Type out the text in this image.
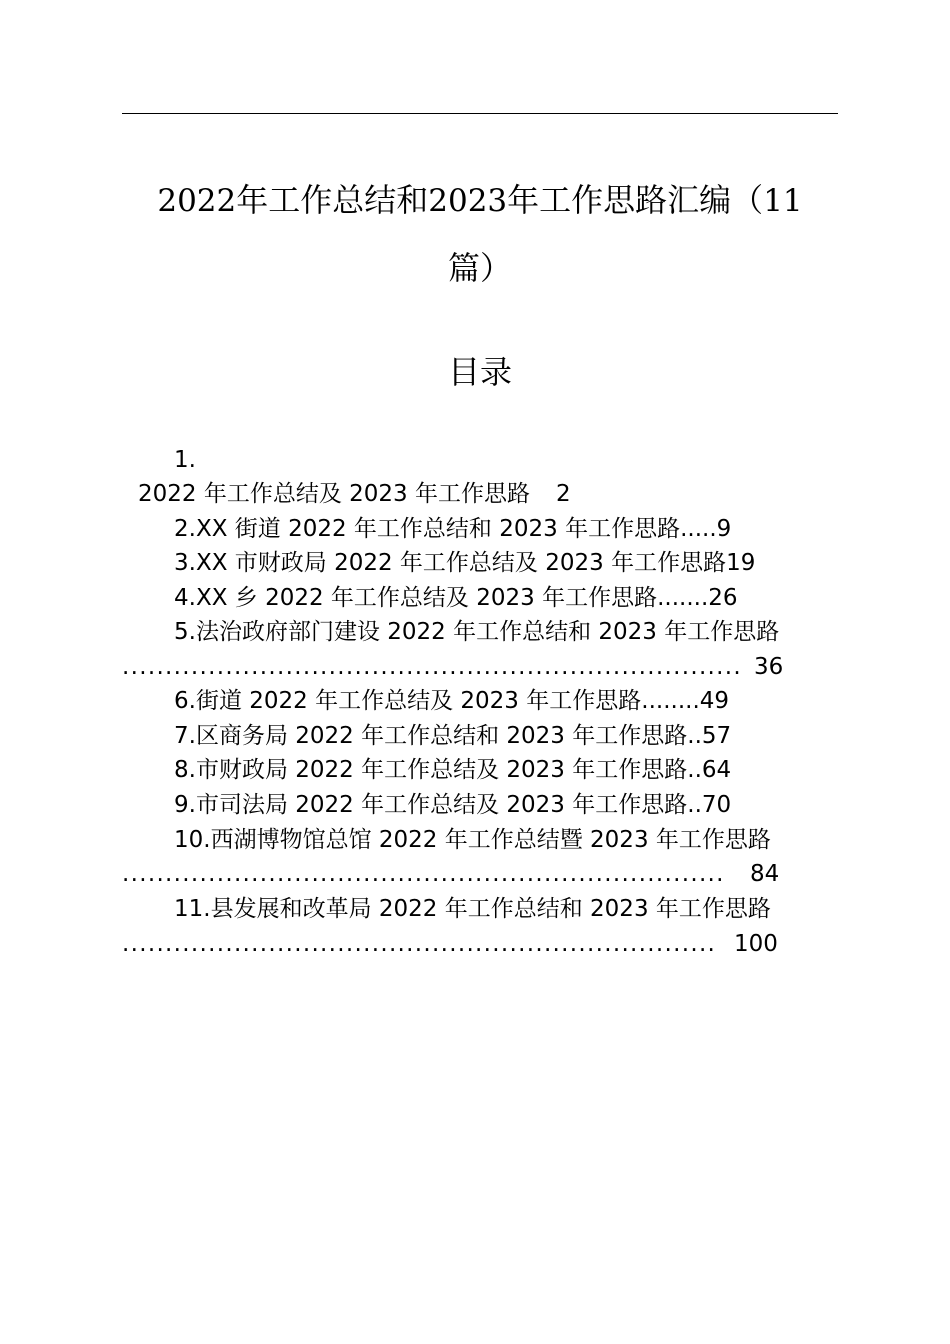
2022年工作总结和2023年工作思路汇编（11
篇）
目录
1.
2022 年工作总结及 2023 年工作思路 2
2.XX 街道 2022 年工作总结和 2023 年工作思路.....9
3.XX 市财政局 2022 年工作总结及 2023 年工作思路19
4.XX 乡 2022 年工作总结及 2023 年工作思路.......26
5.法治政府部门建设 2022 年工作总结和 2023 年工作思路
........................................................................ 36
6.街道 2022 年工作总结及 2023 年工作思路........49
7.区商务局 2022 年工作总结和 2023 年工作思路..57
8.市财政局 2022 年工作总结及 2023 年工作思路..64
9.市司法局 2022 年工作总结及 2023 年工作思路..70
10.西湖博物馆总馆 2022 年工作总结暨 2023 年工作思路
......................................................................	84
11.县发展和改革局 2022 年工作总结和 2023 年工作思路
..................................................................... 100
